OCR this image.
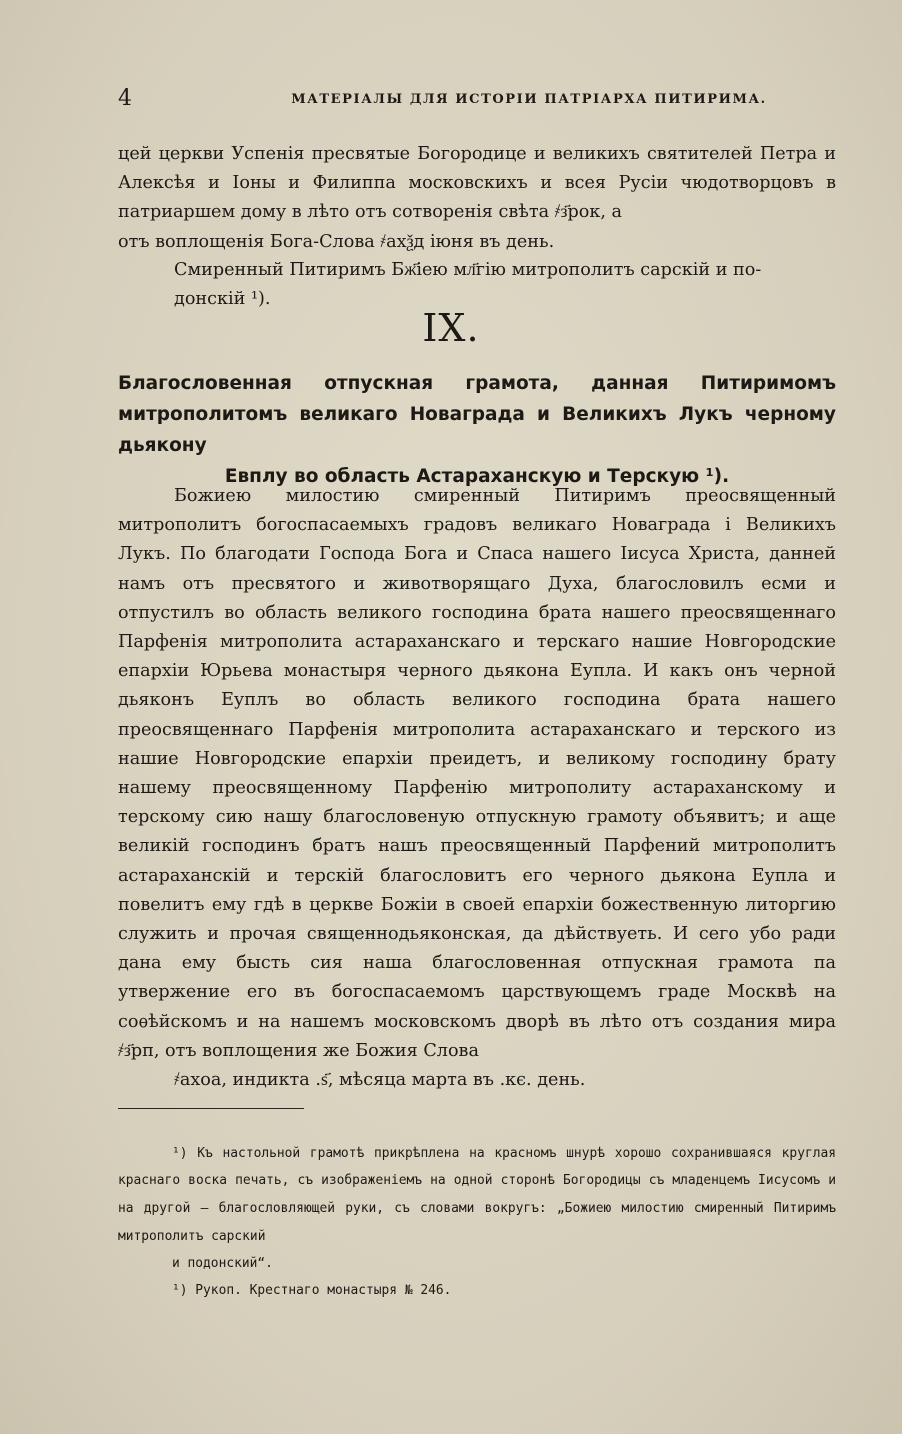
4	МАТЕРІАЛЫ ДЛЯ ИСТОРІИ ПАТРІАРХА ПИТИРИМА.

цей церкви Успенія пресвятые Богородице и великихъ святителей Петра и Алексѣя и Іоны и Филиппа московскихъ и всея Русіи чюдотворцовъ в патриаршем дому в лѣто отъ сотворенія свѣта ҂з҃рок, а
отъ воплощенія Бога-Слова ҂ахѯд іюня въ день.

Смиренный Питиримъ Бж҃іею мл҃гію митрополитъ сарскій и по-
донскій ¹).

IX.

Благословенная отпускная грамота, данная Питиримомъ митрополитомъ великаго Новаграда и Великихъ Лукъ черному дьякону
Евплу во область Астараханскую и Терскую ¹).

Божиею милостию смиренный Питиримъ преосвященный митрополитъ богоспасаемыхъ градовъ великаго Новаграда і Великихъ Лукъ. По благодати Господа Бога и Спаса нашего Іисуса Христа, данней намъ отъ пресвятого и животворящаго Духа, благословилъ есми и отпустилъ во область великого господина брата нашего преосвященнаго Парфенія митрополита астараханскаго и терскаго нашие Новгородские епархіи Юрьева монастыря черного дьякона Еупла. И какъ онъ черной дьяконъ Еуплъ во область великого господина брата нашего преосвященнаго Парфенія митрополита астараханскаго и терского из нашие Новгородские епархіи преидетъ, и великому господину брату нашему преосвященному Парфенію митрополиту астараханскому и терскому сию нашу благословеную отпускную грамоту объявитъ; и аще великій господинъ братъ нашъ преосвященный Парфений митрополитъ астараханскій и терскій благословитъ его черного дьякона Еупла и повелитъ ему гдѣ в церкве Божіи в своей епархіи божественную литоргию служить и прочая священнодьяконская, да дѣйствуеть. И сего убо ради дана ему бысть сия наша благословенная отпускная грамота па утвержение его въ богоспасаемомъ царствующемъ граде Москвѣ на соѳѣйскомъ и на нашемъ московскомъ дворѣ въ лѣто отъ создания мира ҂з҃рп, отъ воплощения же Божия Слова
҂ахоа, индикта .ѕ҃, мѣсяца марта въ .кє. день.

¹) Къ настольной грамотѣ прикрѣплена на красномъ шнурѣ хорошо сохранившаяся круглая краснаго воска печать, съ изображеніемъ на одной сторонѣ Богородицы съ младенцемъ Іисусомъ и на другой — благословляющей руки, съ словами вокругъ: „Божиею милостию смиренный Питиримъ митрополитъ сарский
и подонский“.

¹) Рукоп. Крестнаго монастыря № 246.
